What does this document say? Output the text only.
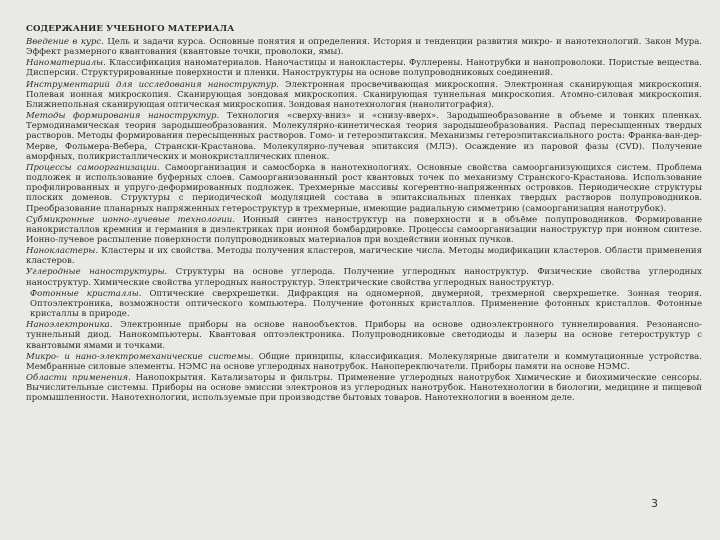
СОДЕРЖАНИЕ УЧЕБНОГО МАТЕРИАЛА
Введение в курс. Цель и задачи курса. Основные понятия и определения. История и тенденции развития микро- и нанотехнологий. Закон Мура. Эффект размерного квантования (квантовые точки, проволоки, ямы).
Наноматериалы. Классификация наноматериалов. Наночастицы и нанокластеры. Фуллерены. Нанотрубки и нанопроволоки. Пористые вещества. Дисперсии. Структурированные поверхности и пленки. Наноструктуры на основе полупроводниковых соединений.
Инструментарий для исследования наноструктур. Электронная просвечивающая микроскопия. Электронная сканирующая микроскопия. Полевая ионная микроскопия. Сканирующая зондовая микроскопия. Сканирующая туннельная микроскопия. Атомно-силовая микроскопия. Ближнепольная сканирующая оптическая микроскопия. Зондовая нанотехнология (нанолитография).
Методы формирования наноструктур. Технология «сверху-вниз» и «снизу-вверх». Зародышеобразование в объеме и тонких пленках. Термодинамическая теория зародышеобразования. Молекулярно-кинетическая теория зародышеобразования. Распад пересыщенных твердых растворов. Методы формирования пересыщенных растворов. Гомо- и гетероэпитаксия. Механизмы гетероэпитаксиального роста: Франка-ван-дер-Мерве, Фольмера-Вебера, Странски-Крастанова. Молекулярно-лучевая эпитаксия (МЛЭ). Осаждение из паровой фазы (CVD). Получение аморфных, поликристаллических и монокристаллических пленок.
Процессы самоорганизации. Самоорганизация и самосборка в нанотехнологиях. Основные свойства самоорганизующихся систем. Проблема подложек и использование буферных слоев. Самоорганизованный рост квантовых точек по механизму Странского-Крастанова. Использование профилированных и упруго-деформированных подложек. Трехмерные массивы когерентно-напряженных островков. Периодические структуры плоских доменов. Структуры с периодической модуляцией состава в эпитаксиальных пленках твердых растворов полупроводников. Преобразование планарных напряженных гетероструктур в трехмерные, имеющие радиальную симметрию (самоорганизация нанотрубок).
Субмикронные ионно-лучевые технологии. Ионный синтез наноструктур на поверхности и в объёме полупроводников. Формирование нанокристаллов кремния и германия в диэлектриках при ионной бомбардировке. Процессы самоорганизации наноструктур при ионном синтезе. Ионно-лучевое распыление поверхности полупроводниковых материалов при воздействии ионных пучков.
Нанокластеры. Кластеры и их свойства. Методы получения кластеров, магические числа. Методы модификации кластеров. Области применения кластеров.
Углеродные наноструктуры. Структуры на основе углерода. Получение углеродных наноструктур. Физические свойства углеродных наноструктур. Химические свойства углеродных наноструктур. Электрические свойства углеродных наноструктур.
Фотонные кристаллы. Оптические сверхрешетки. Дифракция на одномерной, двумерной, трехмерной сверхрешетке. Зонная теория. Оптоэлектроника, возможности оптического компьютера. Получение фотонных кристаллов. Применение фотонных кристаллов. Фотонные кристаллы в природе.
Наноэлектроника. Электронные приборы на основе нанообъектов. Приборы на основе одноэлектронного туннелирования. Резонансно-туннельный диод. Нанокомпьютеры. Квантовая оптоэлектроника. Полупроводниковые светодиоды и лазеры на основе гетероструктур с квантовыми ямами и точками.
Микро- и нано-электромеханические системы. Общие принципы, классификация. Молекулярные двигатели и коммутационные устройства. Мембранные силовые элементы. НЭМС на основе углеродных нанотрубок. Нанопереключатели. Приборы памяти на основе НЭМС.
Области применения. Нанопокрытия. Катализаторы и фильтры. Применение углеродных нанотрубок Химические и биохимические сенсоры. Вычислительные системы. Приборы на основе эмиссии электронов из углеродных нанотрубок. Нанотехнологии в биологии, медицине и пищевой промышленности. Нанотехнологии, используемые при производстве бытовых товаров. Нанотехнологии в военном деле.
3
